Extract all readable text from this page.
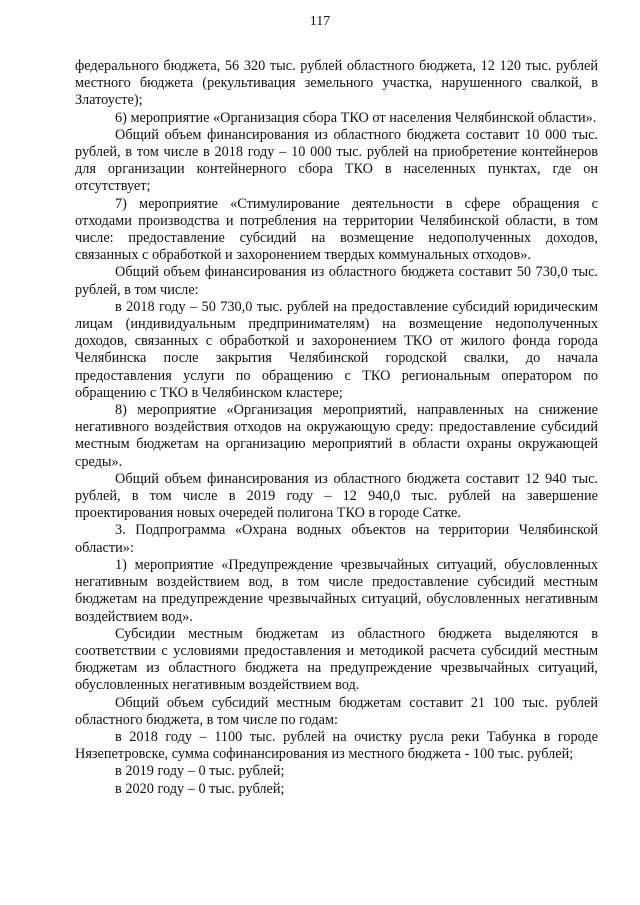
117

федерального бюджета, 56 320 тыс. рублей областного бюджета, 12 120 тыс. рублей местного бюджета (рекультивация земельного участка, нарушенного свалкой, в Златоусте);

6) мероприятие «Организация сбора ТКО от населения Челябинской области».

Общий объем финансирования из областного бюджета составит 10 000 тыс. рублей, в том числе в 2018 году – 10 000 тыс. рублей на приобретение контейнеров для организации контейнерного сбора ТКО в населенных пунктах, где он отсутствует;

7) мероприятие «Стимулирование деятельности в сфере обращения с отходами производства и потребления на территории Челябинской области, в том числе: предоставление субсидий на возмещение недополученных доходов, связанных с обработкой и захоронением твердых коммунальных отходов».

Общий объем финансирования из областного бюджета составит 50 730,0 тыс. рублей, в том числе:

в 2018 году – 50 730,0 тыс. рублей на предоставление субсидий юридическим лицам (индивидуальным предпринимателям) на возмещение недополученных доходов, связанных с обработкой и захоронением ТКО от жилого фонда города Челябинска после закрытия Челябинской городской свалки, до начала предоставления услуги по обращению с ТКО региональным оператором по обращению с ТКО в Челябинском кластере;

8) мероприятие «Организация мероприятий, направленных на снижение негативного воздействия отходов на окружающую среду: предоставление субсидий местным бюджетам на организацию мероприятий в области охраны окружающей среды».

Общий объем финансирования из областного бюджета составит 12 940 тыс. рублей, в том числе в 2019 году – 12 940,0 тыс. рублей на завершение проектирования новых очередей полигона ТКО в городе Сатке.

3. Подпрограмма «Охрана водных объектов на территории Челябинской области»:

1) мероприятие «Предупреждение чрезвычайных ситуаций, обусловленных негативным воздействием вод, в том числе предоставление субсидий местным бюджетам на предупреждение чрезвычайных ситуаций, обусловленных негативным воздействием вод».

Субсидии местным бюджетам из областного бюджета выделяются в соответствии с условиями предоставления и методикой расчета субсидий местным бюджетам из областного бюджета на предупреждение чрезвычайных ситуаций, обусловленных негативным воздействием вод.

Общий объем субсидий местным бюджетам составит 21 100 тыс. рублей областного бюджета, в том числе по годам:

в 2018 году – 1100 тыс. рублей на очистку русла реки Табунка в городе Нязепетровске, сумма софинансирования из местного бюджета - 100 тыс. рублей;

в 2019 году – 0 тыс. рублей;

в 2020 году – 0 тыс. рублей;
